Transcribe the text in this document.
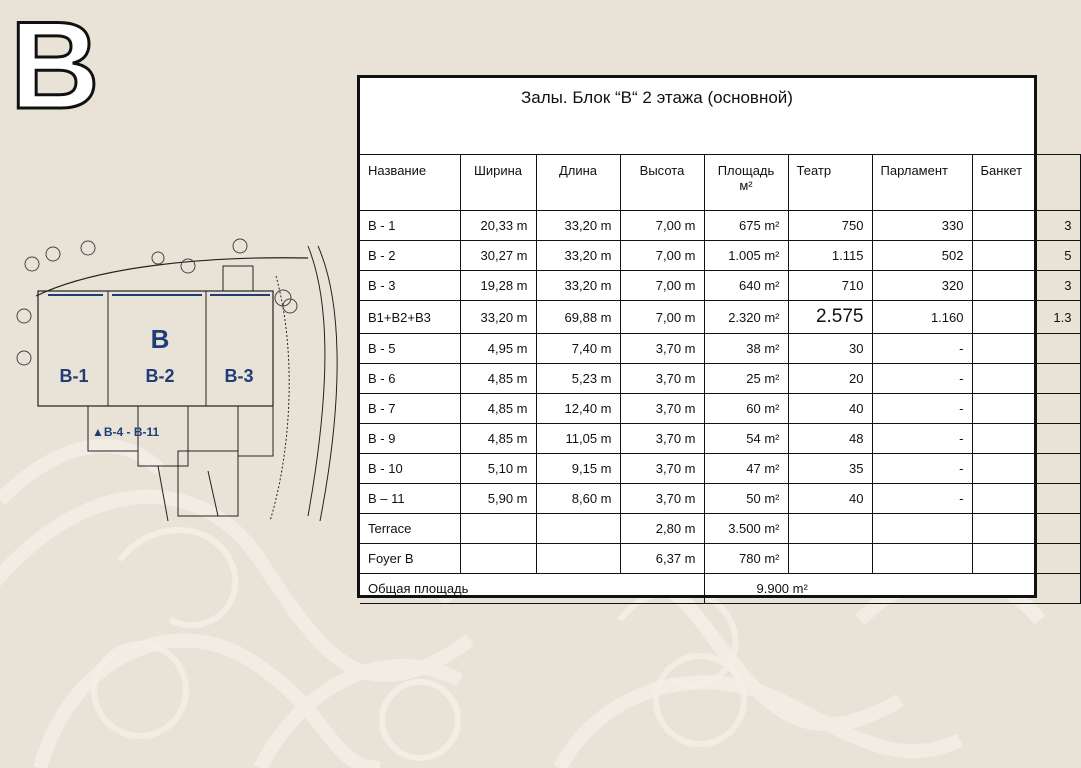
B
B
B-1	B-2	B-3
▲B-4 - B-11
Залы. Блок “B“ 2 этажа (основной)
Название	Ширина	Длина	Высота	Площадь м²	Театр	Парламент	Банкет
B - 1	20,33 m	33,20 m	7,00 m	675 m²	750	330	3
B - 2	30,27 m	33,20 m	7,00 m	1.005 m²	1.115	502	5
B - 3	19,28 m	33,20 m	7,00 m	640 m²	710	320	3
B1+B2+B3	33,20 m	69,88 m	7,00 m	2.320 m²	2.575	1.160	1.3
B - 5	4,95 m	7,40 m	3,70 m	38 m²	30	-	
B - 6	4,85 m	5,23 m	3,70 m	25 m²	20	-	
B - 7	4,85 m	12,40 m	3,70 m	60 m²	40	-	
B - 9	4,85 m	11,05 m	3,70 m	54 m²	48	-	
B - 10	5,10 m	9,15 m	3,70 m	47 m²	35	-	
B – 11	5,90 m	8,60 m	3,70 m	50 m²	40	-	
Terrace			2,80 m	3.500 m²			
Foyer B			6,37 m	780 m²			
Общая площадь				9.900 m²			
